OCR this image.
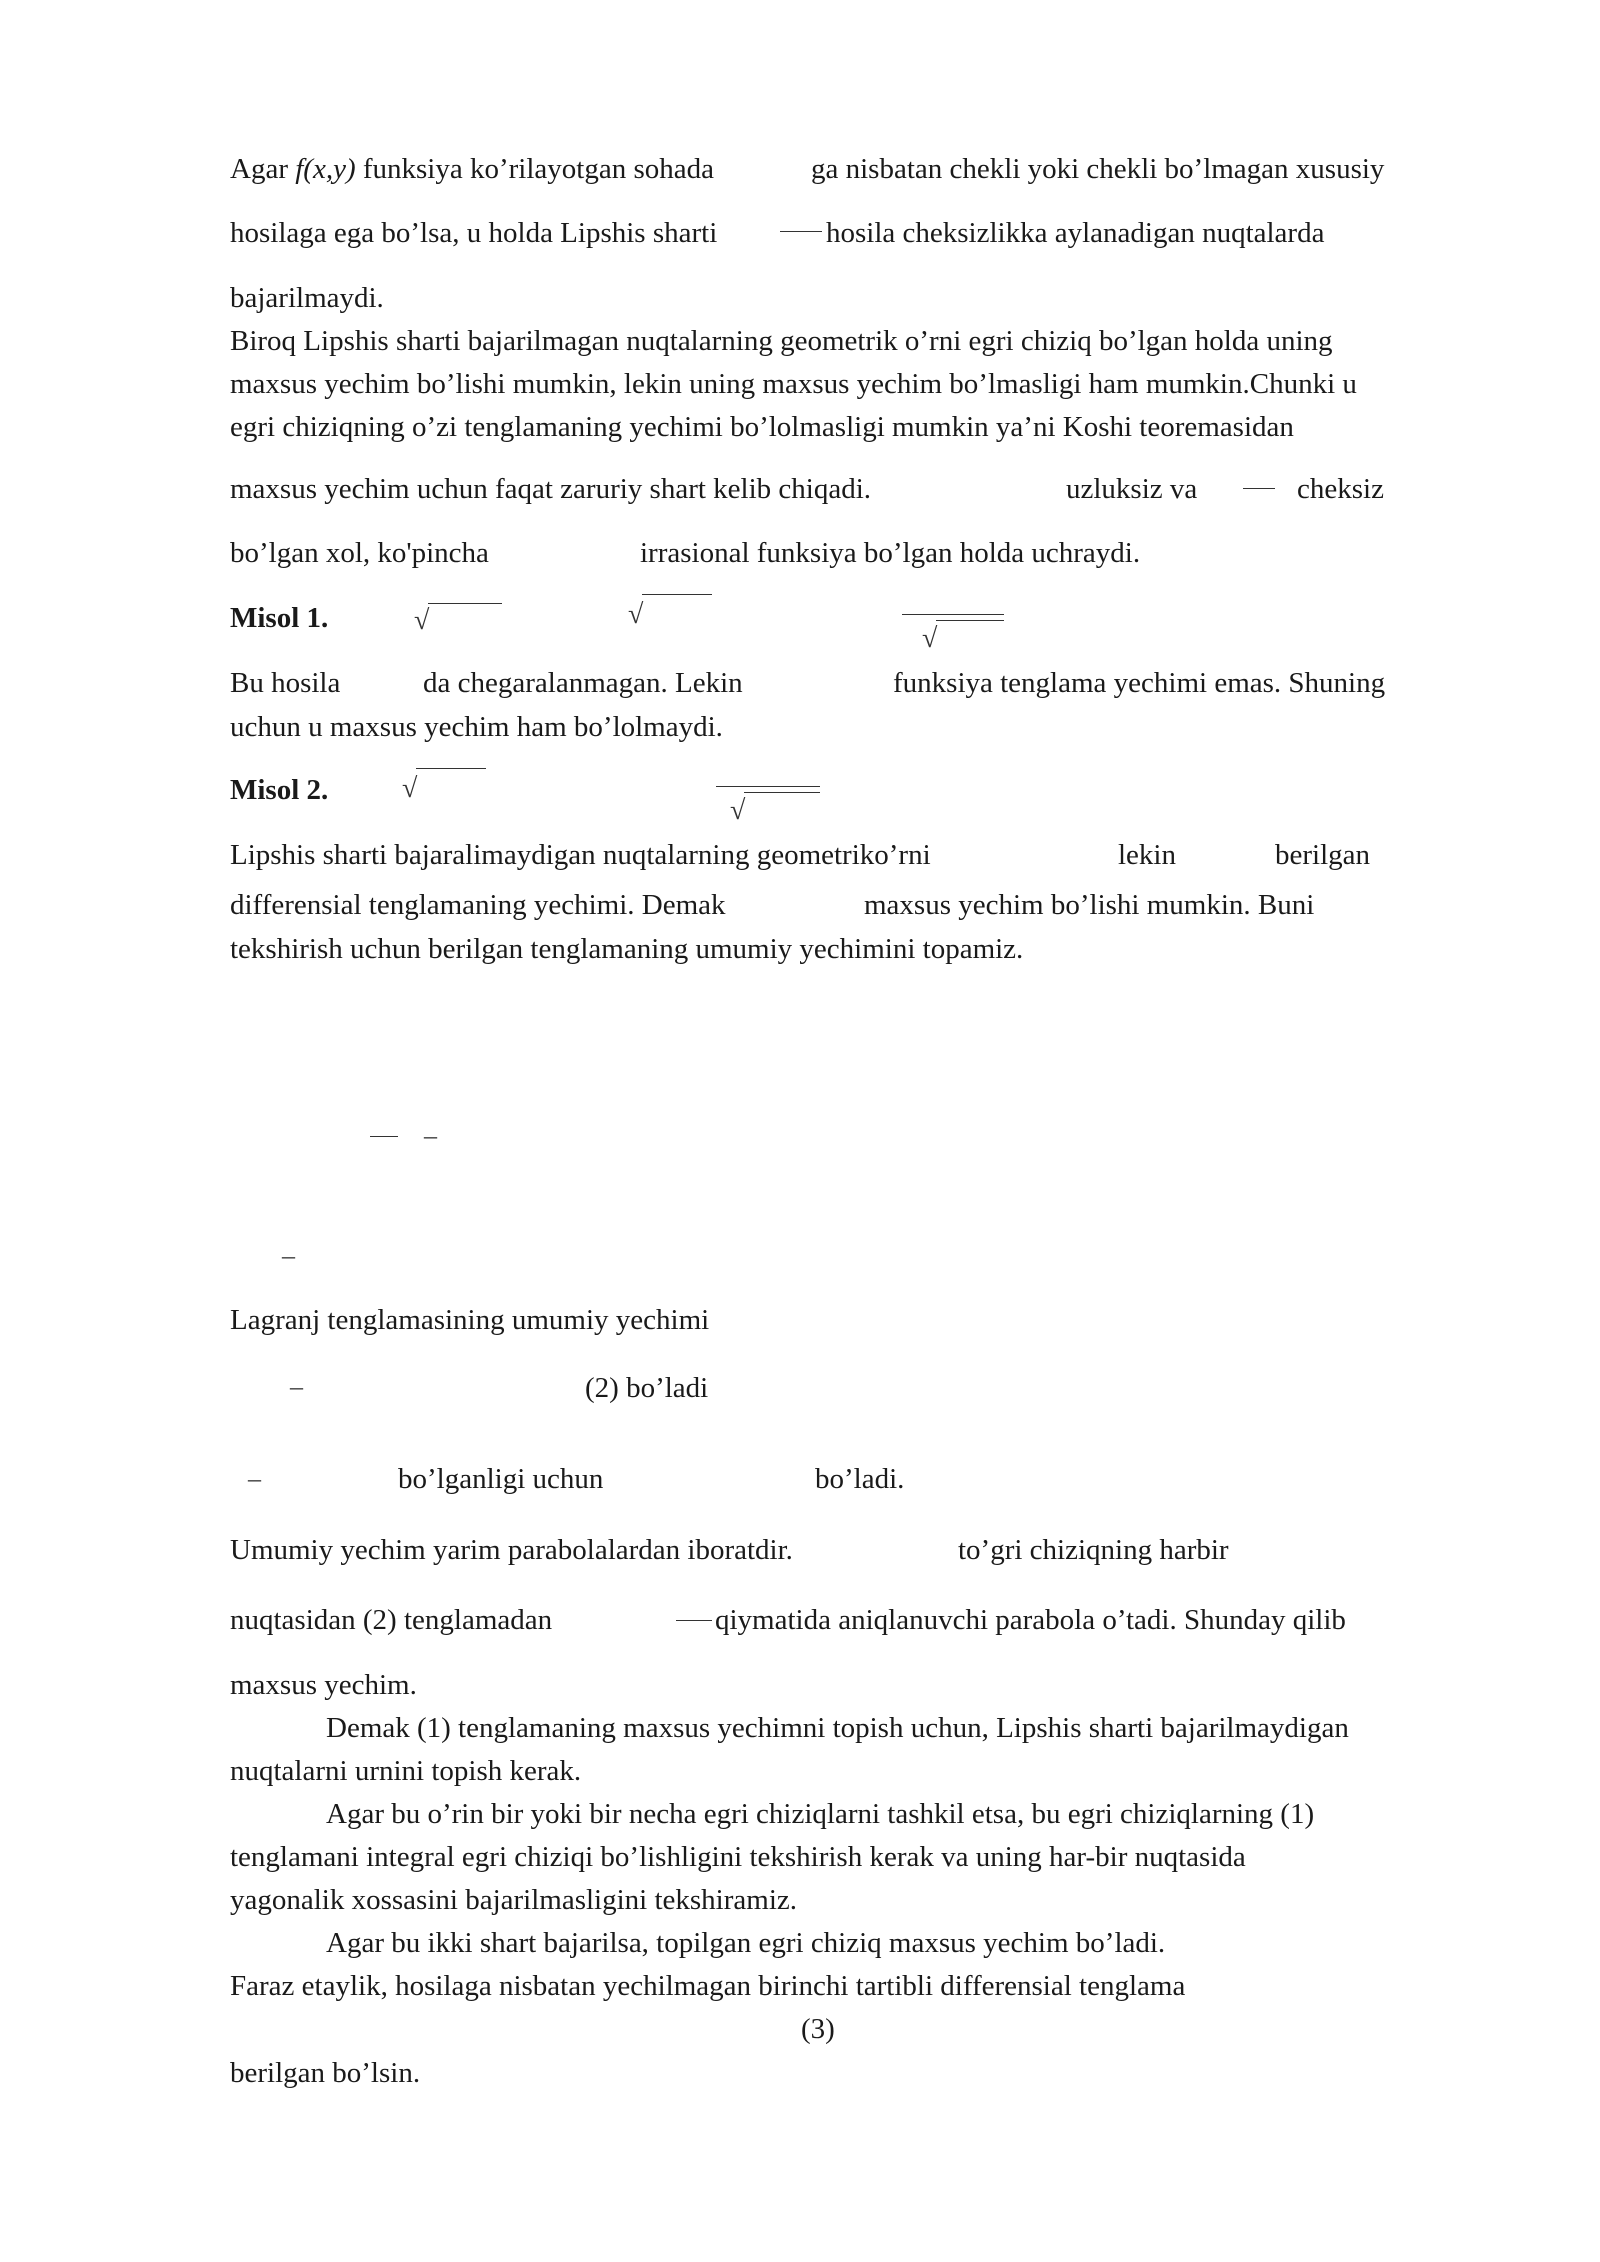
Agar f(x,y) funksiya ko’rilayotgan sohada	ga nisbatan chekli yoki chekli bo’lmagan xususiy
hosilaga ega bo’lsa, u holda Lipshis sharti	hosila cheksizlikka aylanadigan nuqtalarda
bajarilmaydi.
Biroq Lipshis sharti bajarilmagan nuqtalarning geometrik o’rni egri chiziq bo’lgan holda uning
maxsus yechim bo’lishi mumkin, lekin uning maxsus yechim bo’lmasligi ham mumkin.Chunki u
egri chiziqning o’zi tenglamaning yechimi bo’lolmasligi mumkin ya’ni Koshi teoremasidan
maxsus yechim uchun faqat zaruriy shart kelib chiqadi.	uzluksiz va	cheksiz
bo’lgan xol, ko'pincha	irrasional funksiya bo’lgan holda uchraydi.
Misol 1.	√	√
√
Bu hosila	da chegaralanmagan. Lekin	funksiya tenglama yechimi emas. Shuning
uchun u maxsus yechim ham bo’lolmaydi.
Misol 2.	√
√
Lipshis sharti bajaralimaydigan nuqtalarning geometriko’rni	lekin	berilgan
differensial tenglamaning yechimi. Demak	maxsus yechim bo’lishi mumkin. Buni
tekshirish uchun berilgan tenglamaning umumiy yechimini topamiz.
–
–
Lagranj tenglamasining umumiy yechimi
–	(2) bo’ladi
–	bo’lganligi uchun	bo’ladi.
Umumiy yechim yarim parabolalardan iboratdir.	to’gri chiziqning harbir
nuqtasidan (2) tenglamadan	qiymatida aniqlanuvchi parabola o’tadi. Shunday qilib
maxsus yechim.
Demak (1) tenglamaning maxsus yechimni topish uchun, Lipshis sharti bajarilmaydigan
nuqtalarni urnini topish kerak.
Agar bu o’rin bir yoki bir necha egri chiziqlarni tashkil etsa, bu egri chiziqlarning (1)
tenglamani integral egri chiziqi bo’lishligini tekshirish kerak va uning har-bir nuqtasida
yagonalik xossasini bajarilmasligini tekshiramiz.
Agar bu ikki shart bajarilsa, topilgan egri chiziq maxsus yechim bo’ladi.
Faraz etaylik, hosilaga nisbatan yechilmagan birinchi tartibli differensial tenglama
(3)
berilgan bo’lsin.
